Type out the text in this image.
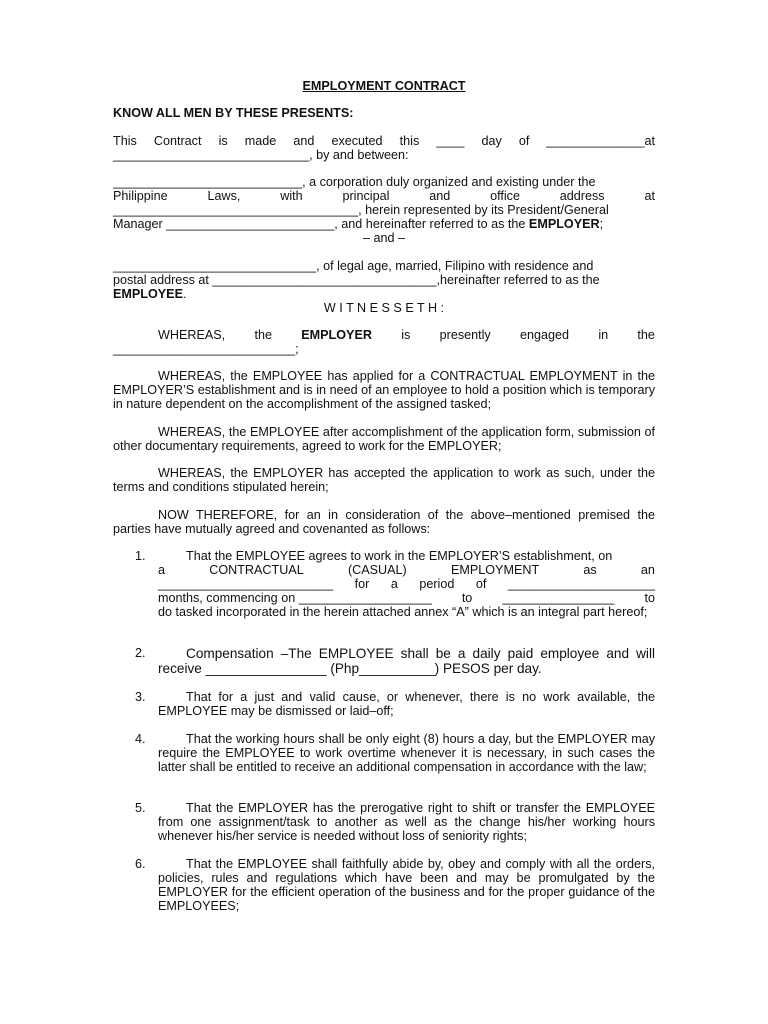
EMPLOYMENT CONTRACT
KNOW ALL MEN BY THESE PRESENTS:
This Contract is made and executed this ____ day of ______________at
____________________________, by and between:
___________________________, a corporation duly organized and existing under the
Philippine	Laws,	with	principal	and	office	address	at
___________________________________, herein represented by its President/General
Manager ________________________, and hereinafter referred to as the EMPLOYER;
– and –
_____________________________, of legal age, married, Filipino with residence and
postal address at ________________________________,hereinafter referred to as the
EMPLOYEE.
W I T N E S S E T H :
WHEREAS, the EMPLOYER is presently engaged in the
__________________________;

WHEREAS, the EMPLOYEE has applied for a CONTRACTUAL EMPLOYMENT in the EMPLOYER’S establishment and is in need of an employee to hold a position which is temporary in nature dependent on the accomplishment of the assigned tasked;

WHEREAS, the EMPLOYEE after accomplishment of the application form, submission of other documentary requirements, agreed to work for the EMPLOYER;

WHEREAS, the EMPLOYER has accepted the application to work as such, under the terms and conditions stipulated herein;

NOW THEREFORE, for an in consideration of the above–mentioned premised the parties have mutually agreed and covenanted as follows:

1.	That the EMPLOYEE agrees to work in the EMPLOYER’S establishment, on
a	CONTRACTUAL	(CASUAL)	EMPLOYMENT	as	an
_________________________ for a period of _____________________
months, commencing on ___________________ to ________________ to
do tasked incorporated in the herein attached annex “A” which is an integral part hereof;
2.	Compensation –The EMPLOYEE shall be a daily paid employee and will receive ________________ (Php__________) PESOS per day.
3.	That for a just and valid cause, or whenever, there is no work available, the EMPLOYEE may be dismissed or laid–off;
4.	That the working hours shall be only eight (8) hours a day, but the EMPLOYER may require the EMPLOYEE to work overtime whenever it is necessary, in such cases the latter shall be entitled to receive an additional compensation in accordance with the law;
5.	That the EMPLOYER has the prerogative right to shift or transfer the EMPLOYEE from one assignment/task to another as well as the change his/her working hours whenever his/her service is needed without loss of seniority rights;
6.	That the EMPLOYEE shall faithfully abide by, obey and comply with all the orders, policies, rules and regulations which have been and may be promulgated by the EMPLOYER for the efficient operation of the business and for the proper guidance of the EMPLOYEES;
